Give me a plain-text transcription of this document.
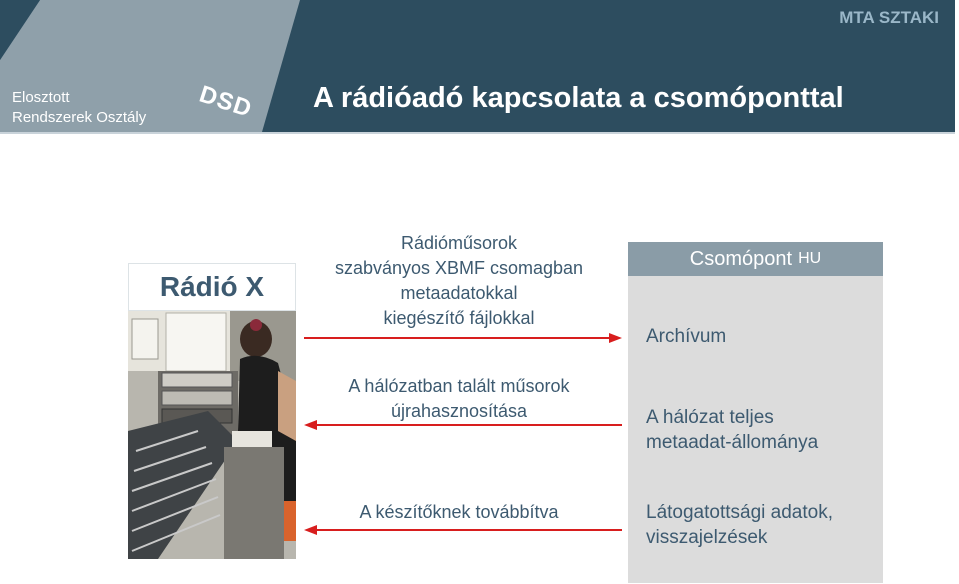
Elosztott
Rendszerek Osztály DSD A rádióadó kapcsolata a csomóponttal
MTA SZTAKI
Rádió X
Rádióműsorok
szabványos XBMF csomagban
metaadatokkal
kiegészítő fájlokkal
A hálózatban talált műsorok
újrahasznosítása
A készítőknek továbbítva
Csomópont HU
Archívum
A hálózat teljes
metaadat-állománya
Látogatottsági adatok,
visszajelzések
